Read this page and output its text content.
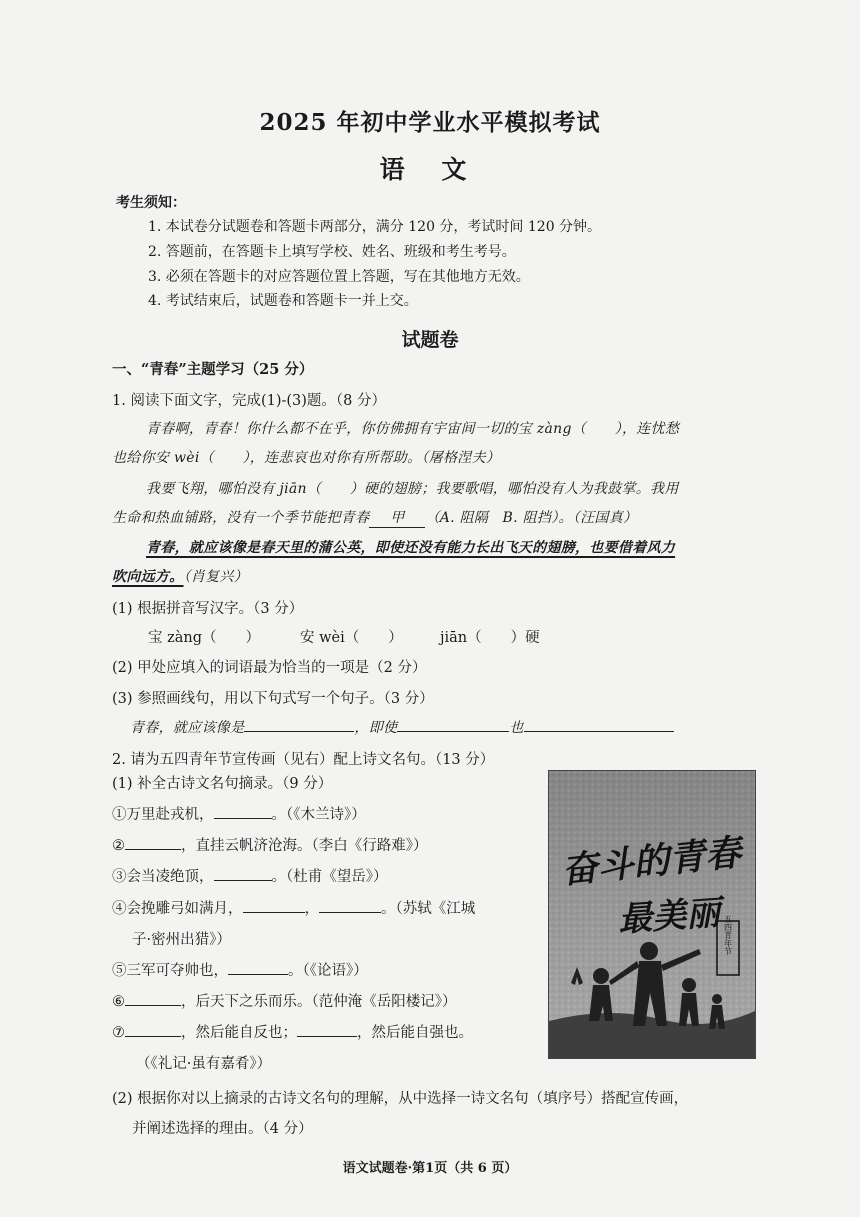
2025 年初中学业水平模拟考试
语 文
考生须知：
1. 本试卷分试题卷和答题卡两部分，满分 120 分，考试时间 120 分钟。
2. 答题前，在答题卡上填写学校、姓名、班级和考生考号。
3. 必须在答题卡的对应答题位置上答题，写在其他地方无效。
4. 考试结束后，试题卷和答题卡一并上交。
试题卷
一、“青春”主题学习（25 分）
1. 阅读下面文字，完成(1)-(3)题。（8 分）
青春啊，青春！你什么都不在乎，你仿佛拥有宇宙间一切的宝 zàng（　　），连忧愁
也给你安 wèi（　　），连悲哀也对你有所帮助。（屠格涅夫）
我要飞翔，哪怕没有 jiān（　　）硬的翅膀；我要歌唱，哪怕没有人为我鼓掌。我用
生命和热血铺路，没有一个季节能把青春 甲 （A. 阻隔　B. 阻挡）。（汪国真）
青春，就应该像是春天里的蒲公英，即使还没有能力长出飞天的翅膀，也要借着风力
吹向远方。（肖复兴）
(1) 根据拼音写汉字。（3 分）
宝 zàng（　　）	安 wèi（　　）	jiān（　　）硬
(2) 甲处应填入的词语最为恰当的一项是（2 分）
(3) 参照画线句，用以下句式写一个句子。（3 分）
青春，就应该像是	，即使	也
2. 请为五四青年节宣传画（见右）配上诗文名句。（13 分）
(1) 补全古诗文名句摘录。（9 分）
①万里赴戎机，	。（《木兰诗》）
②	，直挂云帆济沧海。（李白《行路难》）
③会当凌绝顶，	。（杜甫《望岳》）
④会挽雕弓如满月，	，	。（苏轼《江城
子·密州出猎》）
⑤三军可夺帅也，	。（《论语》）
⑥	，后天下之乐而乐。（范仲淹《岳阳楼记》）
⑦	，然后能自反也；	，然后能自强也。
（《礼记·虽有嘉肴》）
(2) 根据你对以上摘录的古诗文名句的理解，从中选择一诗文名句（填序号）搭配宣传画，
并阐述选择的理由。（4 分）
奋斗的青春
最美丽 五四青年节
语文试题卷·第1页（共 6 页）
